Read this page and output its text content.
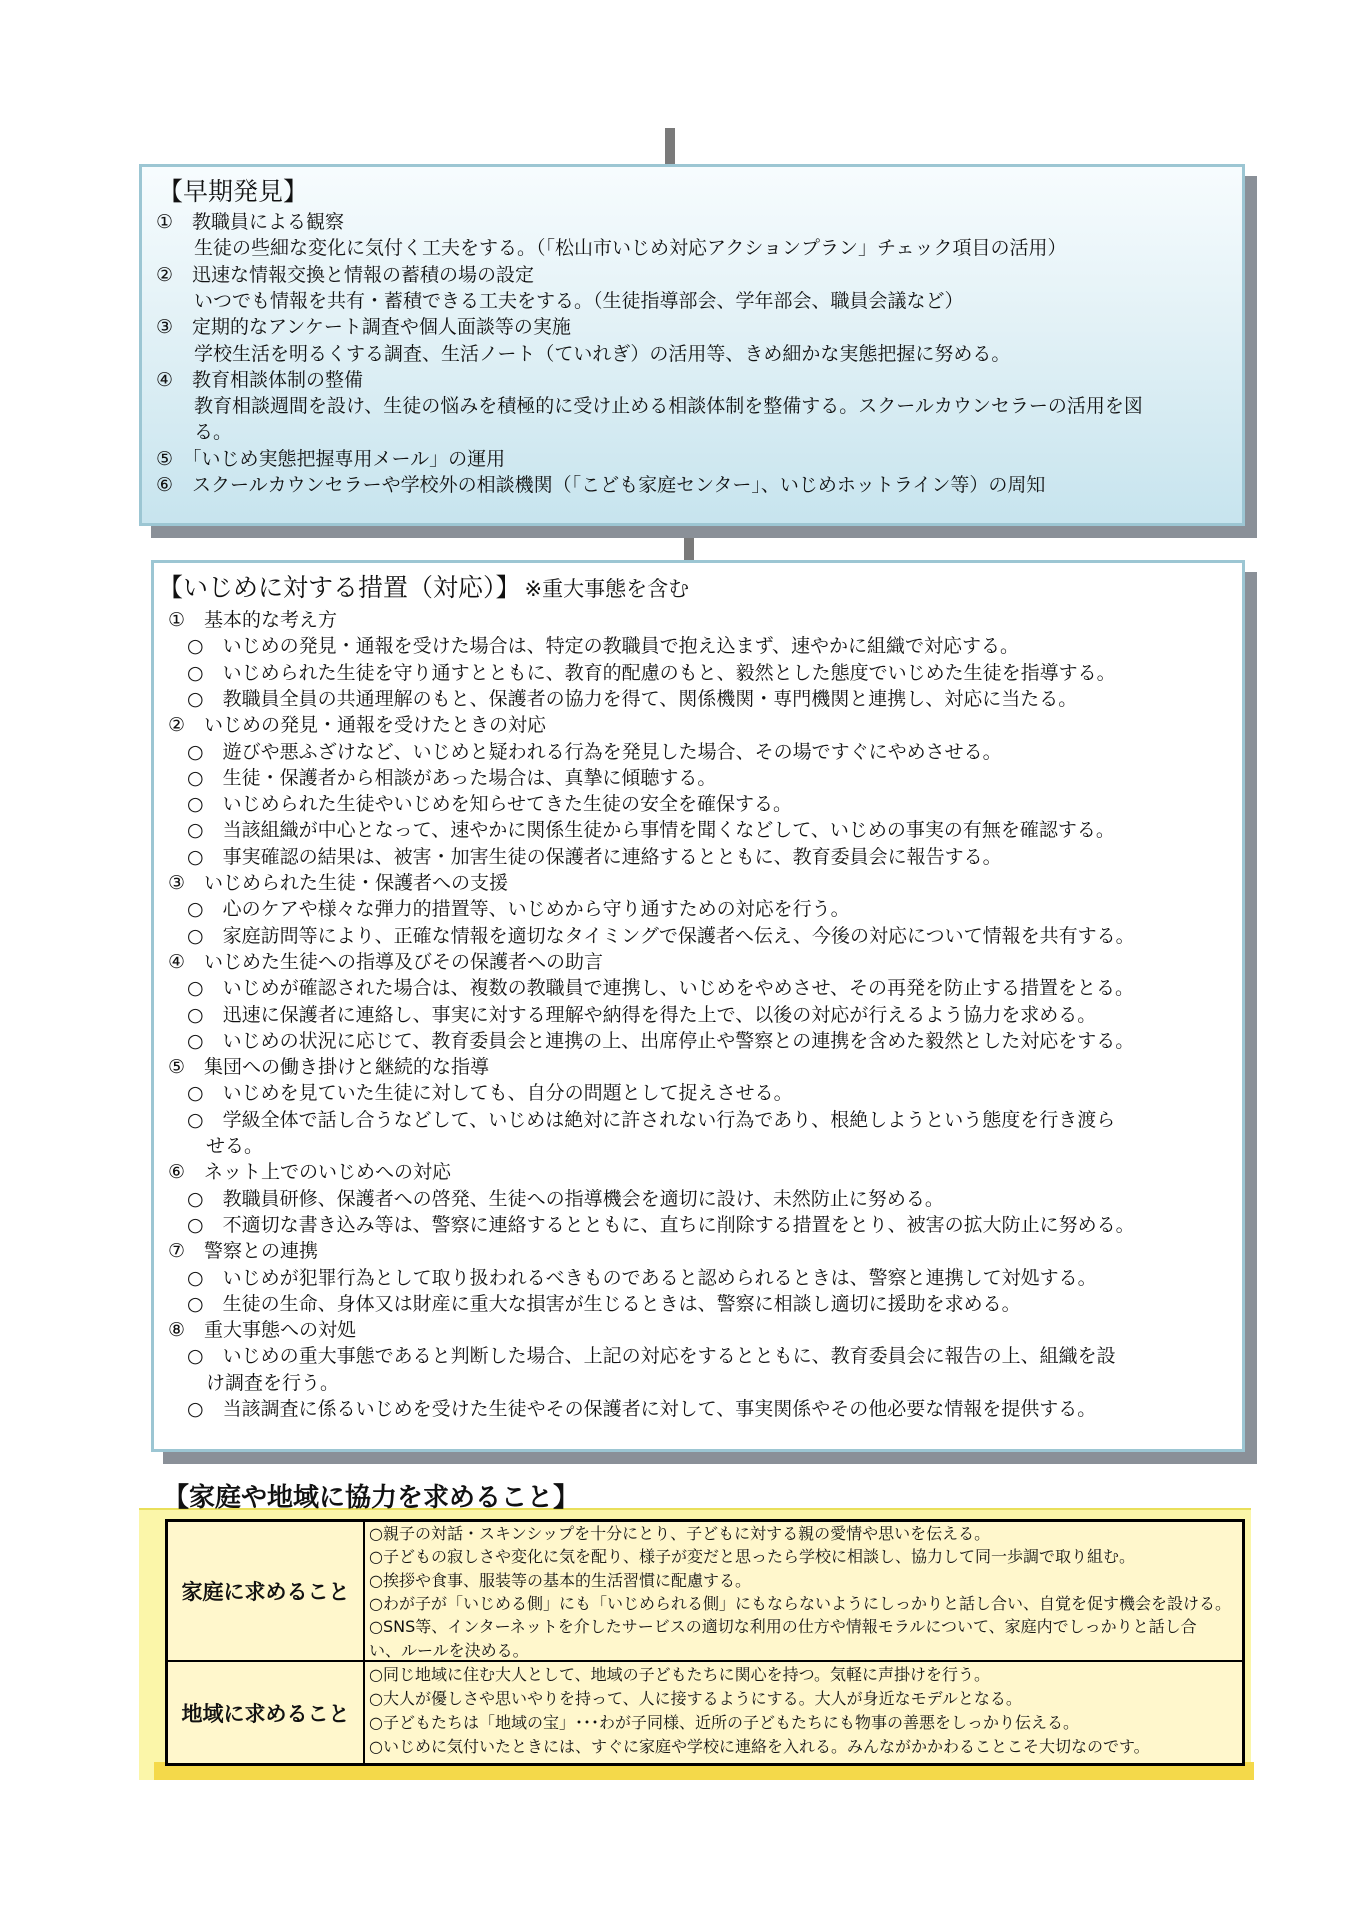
【早期発見】
①　教職員による観察
　　生徒の些細な変化に気付く工夫をする。（「松山市いじめ対応アクションプラン」チェック項目の活用）
②　迅速な情報交換と情報の蓄積の場の設定
　　いつでも情報を共有・蓄積できる工夫をする。（生徒指導部会、学年部会、職員会議など）
③　定期的なアンケート調査や個人面談等の実施
　　学校生活を明るくする調査、生活ノート（ていれぎ）の活用等、きめ細かな実態把握に努める。
④　教育相談体制の整備
　　教育相談週間を設け、生徒の悩みを積極的に受け止める相談体制を整備する。スクールカウンセラーの活用を図
　　る。
⑤　「いじめ実態把握専用メール」の運用
⑥　スクールカウンセラーや学校外の相談機関（「こども家庭センター」、いじめホットライン等）の周知
【いじめに対する措置（対応）】 ※重大事態を含む
①　基本的な考え方
　○　いじめの発見・通報を受けた場合は、特定の教職員で抱え込まず、速やかに組織で対応する。
　○　いじめられた生徒を守り通すとともに、教育的配慮のもと、毅然とした態度でいじめた生徒を指導する。
　○　教職員全員の共通理解のもと、保護者の協力を得て、関係機関・専門機関と連携し、対応に当たる。
②　いじめの発見・通報を受けたときの対応
　○　遊びや悪ふざけなど、いじめと疑われる行為を発見した場合、その場ですぐにやめさせる。
　○　生徒・保護者から相談があった場合は、真摯に傾聴する。
　○　いじめられた生徒やいじめを知らせてきた生徒の安全を確保する。
　○　当該組織が中心となって、速やかに関係生徒から事情を聞くなどして、いじめの事実の有無を確認する。
　○　事実確認の結果は、被害・加害生徒の保護者に連絡するとともに、教育委員会に報告する。
③　いじめられた生徒・保護者への支援
　○　心のケアや様々な弾力的措置等、いじめから守り通すための対応を行う。
　○　家庭訪問等により、正確な情報を適切なタイミングで保護者へ伝え、今後の対応について情報を共有する。
④　いじめた生徒への指導及びその保護者への助言
　○　いじめが確認された場合は、複数の教職員で連携し、いじめをやめさせ、その再発を防止する措置をとる。
　○　迅速に保護者に連絡し、事実に対する理解や納得を得た上で、以後の対応が行えるよう協力を求める。
　○　いじめの状況に応じて、教育委員会と連携の上、出席停止や警察との連携を含めた毅然とした対応をする。
⑤　集団への働き掛けと継続的な指導
　○　いじめを見ていた生徒に対しても、自分の問題として捉えさせる。
　○　学級全体で話し合うなどして、いじめは絶対に許されない行為であり、根絶しようという態度を行き渡ら
　　せる。
⑥　ネット上でのいじめへの対応
　○　教職員研修、保護者への啓発、生徒への指導機会を適切に設け、未然防止に努める。
　○　不適切な書き込み等は、警察に連絡するとともに、直ちに削除する措置をとり、被害の拡大防止に努める。
⑦　警察との連携
　○　いじめが犯罪行為として取り扱われるべきものであると認められるときは、警察と連携して対処する。
　○　生徒の生命、身体又は財産に重大な損害が生じるときは、警察に相談し適切に援助を求める。
⑧　重大事態への対処
　○　いじめの重大事態であると判断した場合、上記の対応をするとともに、教育委員会に報告の上、組織を設
　　け調査を行う。
　○　当該調査に係るいじめを受けた生徒やその保護者に対して、事実関係やその他必要な情報を提供する。
【家庭や地域に協力を求めること】
家庭に求めること
○親子の対話・スキンシップを十分にとり、子どもに対する親の愛情や思いを伝える。
○子どもの寂しさや変化に気を配り、様子が変だと思ったら学校に相談し、協力して同一歩調で取り組む。
○挨拶や食事、服装等の基本的生活習慣に配慮する。
○わが子が「いじめる側」にも「いじめられる側」にもならないようにしっかりと話し合い、自覚を促す機会を設ける。
○SNS等、インターネットを介したサービスの適切な利用の仕方や情報モラルについて、家庭内でしっかりと話し合
い、ルールを決める。
地域に求めること
○同じ地域に住む大人として、地域の子どもたちに関心を持つ。気軽に声掛けを行う。
○大人が優しさや思いやりを持って、人に接するようにする。大人が身近なモデルとなる。
○子どもたちは「地域の宝」･･･わが子同様、近所の子どもたちにも物事の善悪をしっかり伝える。
○いじめに気付いたときには、すぐに家庭や学校に連絡を入れる。みんながかかわることこそ大切なのです。
